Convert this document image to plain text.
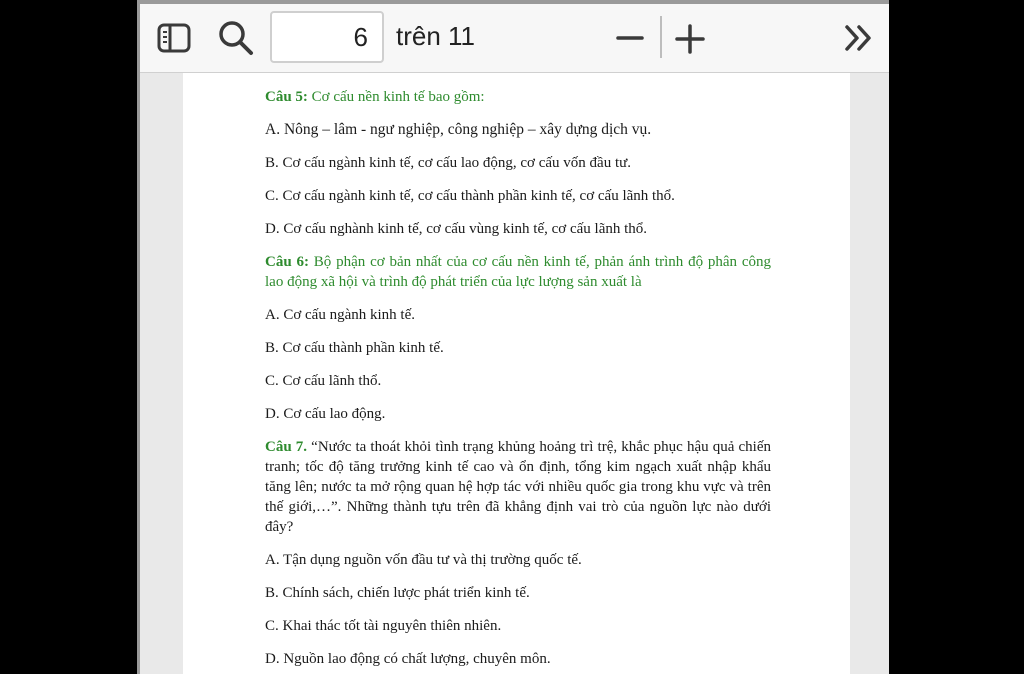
6
trên 11
Câu 5: Cơ cấu nền kinh tế bao gồm:
A. Nông – lâm - ngư nghiệp, công nghiệp – xây dựng dịch vụ.
B. Cơ cấu ngành kinh tế, cơ cấu lao động, cơ cấu vốn đầu tư.
C. Cơ cấu ngành kinh tế, cơ cấu thành phần kinh tế, cơ cấu lãnh thổ.
D. Cơ cấu nghành kinh tế, cơ cấu vùng kinh tế, cơ cấu lãnh thổ.
Câu 6: Bộ phận cơ bản nhất của cơ cấu nền kinh tế, phản ánh trình độ phân công lao động xã hội và trình độ phát triển của lực lượng sản xuất là
A. Cơ cấu ngành kinh tế.
B. Cơ cấu thành phần kinh tế.
C. Cơ cấu lãnh thổ.
D. Cơ cấu lao động.
Câu 7. “Nước ta thoát khỏi tình trạng khủng hoảng trì trệ, khắc phục hậu quả chiến tranh; tốc độ tăng trưởng kinh tế cao và ổn định, tổng kim ngạch xuất nhập khẩu tăng lên; nước ta mở rộng quan hệ hợp tác với nhiều quốc gia trong khu vực và trên thế giới,…”. Những thành tựu trên đã khẳng định vai trò của nguồn lực nào dưới đây?
A. Tận dụng nguồn vốn đầu tư và thị trường quốc tế.
B. Chính sách, chiến lược phát triển kinh tế.
C. Khai thác tốt tài nguyên thiên nhiên.
D. Nguồn lao động có chất lượng, chuyên môn.
